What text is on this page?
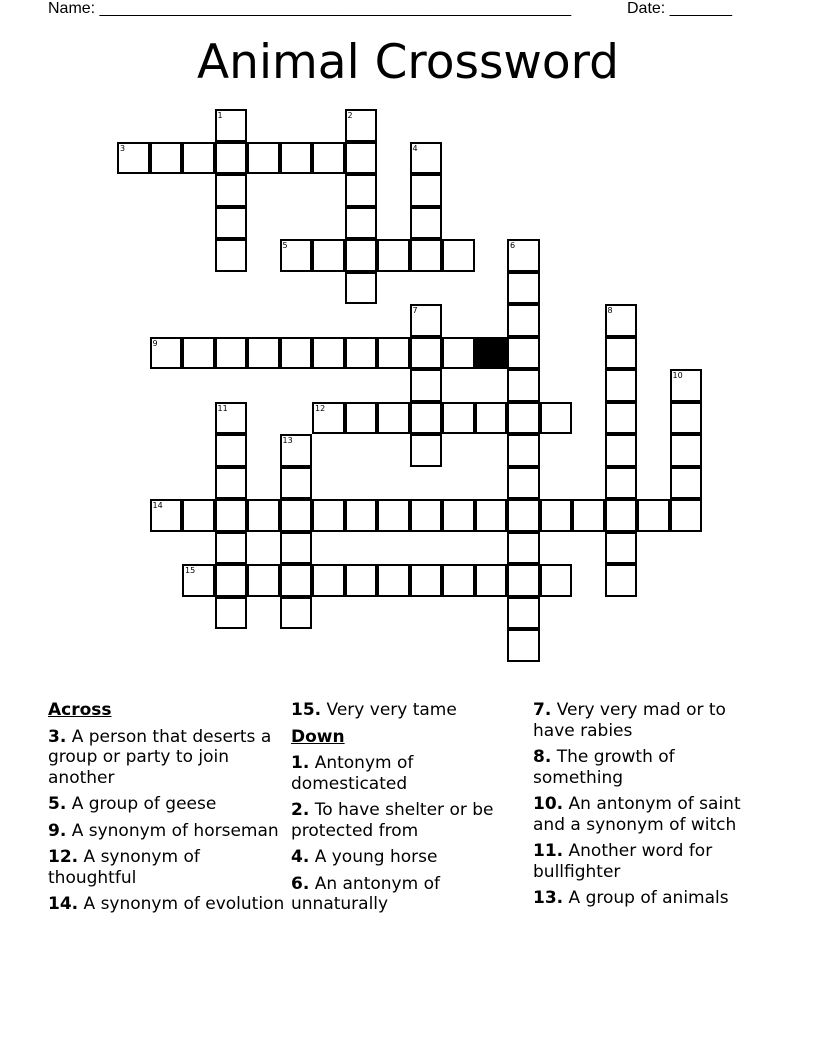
Name: _____________________________________________________	Date: _______
Animal Crossword
1	2
3	4
5	6
7	8
9
10
11	12
13
14
15
Across
3. A person that deserts a group or party to join another
5. A group of geese
9. A synonym of horseman
12. A synonym of thoughtful
14. A synonym of evolution
15. Very very tame
Down
1. Antonym of domesticated
2. To have shelter or be protected from
4. A young horse
6. An antonym of unnaturally
7. Very very mad or to have rabies
8. The growth of something
10. An antonym of saint and a synonym of witch
11. Another word for bullfighter
13. A group of animals
